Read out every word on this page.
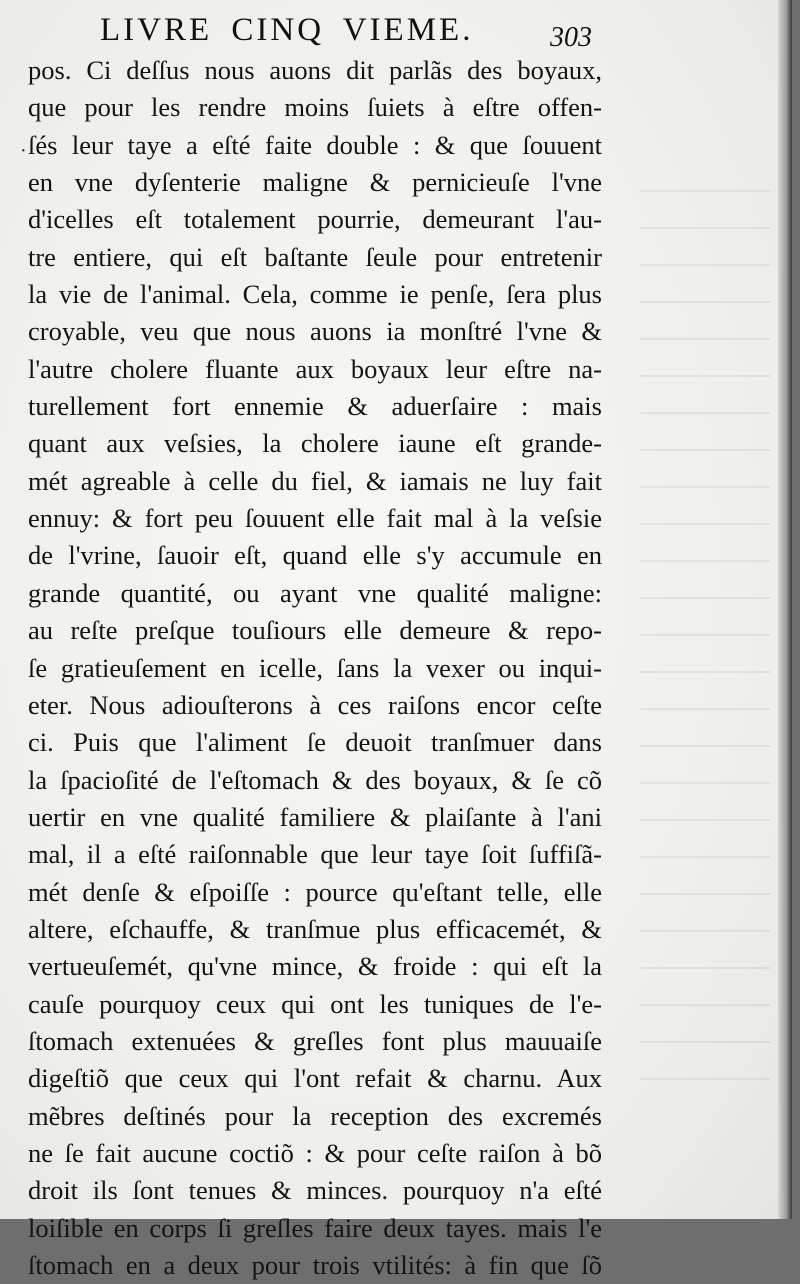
LIVRE CINQ VIEME.	303
·
pos. Ci deſſus nous auons dit parlãs des boyaux,
que pour les rendre moins ſuiets à eſtre offen-
ſés leur taye a eſté faite double : & que ſouuent
en vne dyſenterie maligne & pernicieuſe l'vne
d'icelles eſt totalement pourrie, demeurant l'au-
tre entiere, qui eſt baſtante ſeule pour entretenir
la vie de l'animal. Cela, comme ie penſe, ſera plus
croyable, veu que nous auons ia monſtré l'vne &
l'autre cholere fluante aux boyaux leur eſtre na-
turellement fort ennemie & aduerſaire : mais
quant aux veſsies, la cholere iaune eſt grande-
mét agreable à celle du fiel, & iamais ne luy fait
ennuy: & fort peu ſouuent elle fait mal à la veſsie
de l'vrine, ſauoir eſt, quand elle s'y accumule en
grande quantité, ou ayant vne qualité maligne:
au reſte preſque touſiours elle demeure & repo-
ſe gratieuſement en icelle, ſans la vexer ou inqui-
eter. Nous adiouſterons à ces raiſons encor ceſte
ci. Puis que l'aliment ſe deuoit tranſmuer dans
la ſpacioſité de l'eſtomach & des boyaux, & ſe cõ
uertir en vne qualité familiere & plaiſante à l'ani
mal, il a eſté raiſonnable que leur taye ſoit ſuffiſã-
mét denſe & eſpoiſſe : pource qu'eſtant telle, elle
altere, eſchauffe, & tranſmue plus efficacemét, &
vertueuſemét, qu'vne mince, & froide : qui eſt la
cauſe pourquoy ceux qui ont les tuniques de l'e-
ſtomach extenuées & greſles font plus mauuaiſe
digeſtiõ que ceux qui l'ont refait & charnu. Aux
mẽbres deſtinés pour la reception des excremés
ne ſe fait aucune coctiõ : & pour ceſte raiſon à bõ
droit ils ſont tenues & minces. pourquoy n'a eſté
loiſible en corps ſi greſles faire deux tayes. mais l'e
ſtomach en a deux pour trois vtilités: à fin que ſõ
